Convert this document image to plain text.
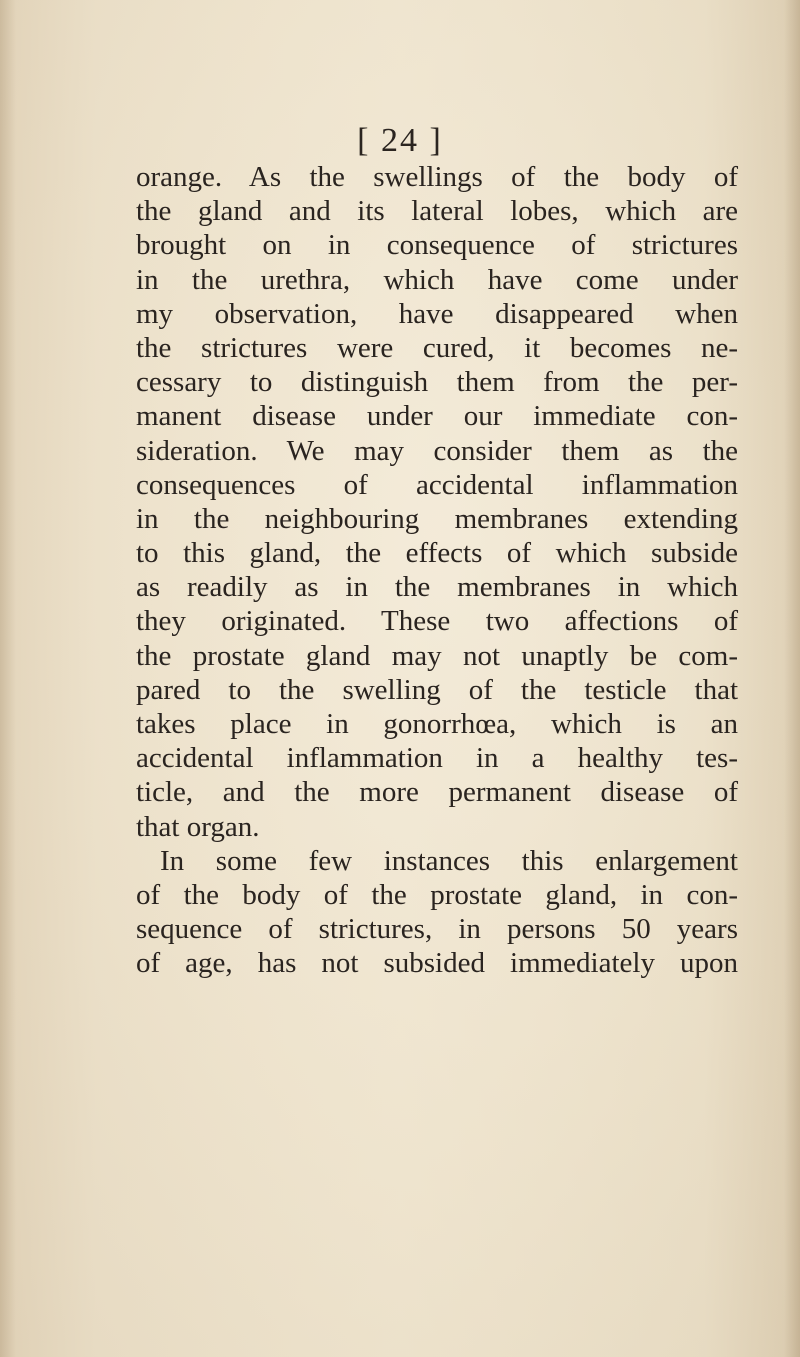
[ 24 ]
orange. As the swellings of the body of
the gland and its lateral lobes, which are
brought on in consequence of strictures
in the urethra, which have come under
my observation, have disappeared when
the strictures were cured, it becomes ne-
cessary to distinguish them from the per-
manent disease under our immediate con-
sideration. We may consider them as the
consequences of accidental inflammation
in the neighbouring membranes extending
to this gland, the effects of which subside
as readily as in the membranes in which
they originated. These two affections of
the prostate gland may not unaptly be com-
pared to the swelling of the testicle that
takes place in gonorrhœa, which is an
accidental inflammation in a healthy tes-
ticle, and the more permanent disease of
that organ.
In some few instances this enlargement
of the body of the prostate gland, in con-
sequence of strictures, in persons 50 years
of age, has not subsided immediately upon
